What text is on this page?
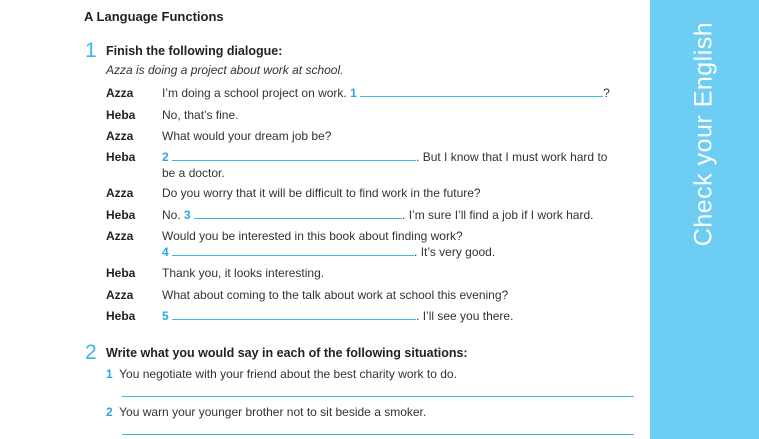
A Language Functions
1 Finish the following dialogue:
Azza is doing a project about work at school.
Azza	I’m doing a school project on work. 1	?
Heba	No, that’s fine.
Azza	What would your dream job be?
Heba	2	. But I know that I must work hard to
be a doctor.
Azza	Do you worry that it will be difficult to find work in the future?
Heba	No. 3	. I’m sure I’ll find a job if I work hard.
Azza	Would you be interested in this book about finding work?
4	. It’s very good.
Heba	Thank you, it looks interesting.
Azza	What about coming to the talk about work at school this evening?
Heba	5	. I’ll see you there.
2 Write what you would say in each of the following situations:
1 You negotiate with your friend about the best charity work to do.
2 You warn your younger brother not to sit beside a smoker.
Check your English
